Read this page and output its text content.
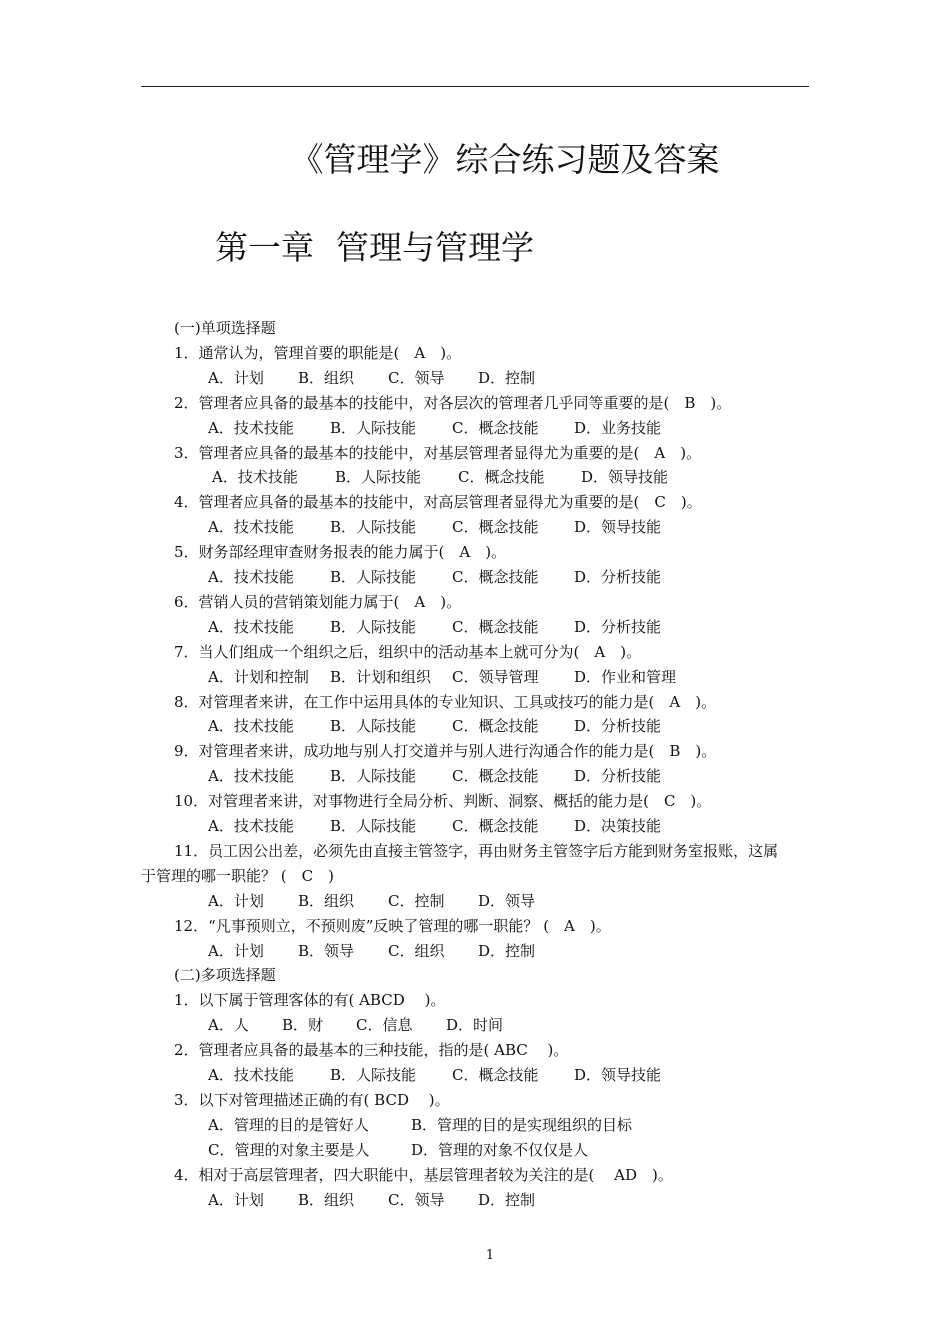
《管理学》综合练习题及答案
第一章 管理与管理学
(一)单项选择题
1．通常认为，管理首要的职能是(　A　)。
A．计划 B．组织 C．领导 D．控制
2．管理者应具备的最基本的技能中，对各层次的管理者几乎同等重要的是(　B　)。
A．技术技能 B．人际技能 C．概念技能 D．业务技能
3．管理者应具备的最基本的技能中，对基层管理者显得尤为重要的是(　A　)。
A．技术技能 B．人际技能 C．概念技能 D．领导技能
4．管理者应具备的最基本的技能中，对高层管理者显得尤为重要的是(　C　)。
A．技术技能 B．人际技能 C．概念技能 D．领导技能
5．财务部经理审查财务报表的能力属于(　A　)。
A．技术技能 B．人际技能 C．概念技能 D．分析技能
6．营销人员的营销策划能力属于(　A　)。
A．技术技能 B．人际技能 C．概念技能 D．分析技能
7．当人们组成一个组织之后，组织中的活动基本上就可分为(　A　)。
A．计划和控制 B．计划和组织 C．领导管理 D．作业和管理
8．对管理者来讲，在工作中运用具体的专业知识、工具或技巧的能力是(　A　)。
A．技术技能 B．人际技能 C．概念技能 D．分析技能
9．对管理者来讲，成功地与别人打交道并与别人进行沟通合作的能力是(　B　)。
A．技术技能 B．人际技能 C．概念技能 D．分析技能
10．对管理者来讲，对事物进行全局分析、判断、洞察、概括的能力是(　C　)。
A．技术技能 B．人际技能 C．概念技能 D．决策技能
11．员工因公出差，必须先由直接主管签字，再由财务主管签字后方能到财务室报账，这属
于管理的哪一职能？ (　C　)
A．计划 B．组织 C．控制 D．领导
12．“凡事预则立，不预则废”反映了管理的哪一职能？ (　A　)。
A．计划 B．领导 C．组织 D．控制
(二)多项选择题
1．以下属于管理客体的有( ABCD　 )。
A．人 B．财 C．信息 D．时间
2．管理者应具备的最基本的三种技能，指的是( ABC　 )。
A．技术技能 B．人际技能 C．概念技能 D．领导技能
3．以下对管理描述正确的有( BCD　 )。
A．管理的目的是管好人	B．管理的目的是实现组织的目标
C．管理的对象主要是人	D．管理的对象不仅仅是人
4．相对于高层管理者，四大职能中，基层管理者较为关注的是(　 AD　)。
A．计划 B．组织 C．领导 D．控制
1
